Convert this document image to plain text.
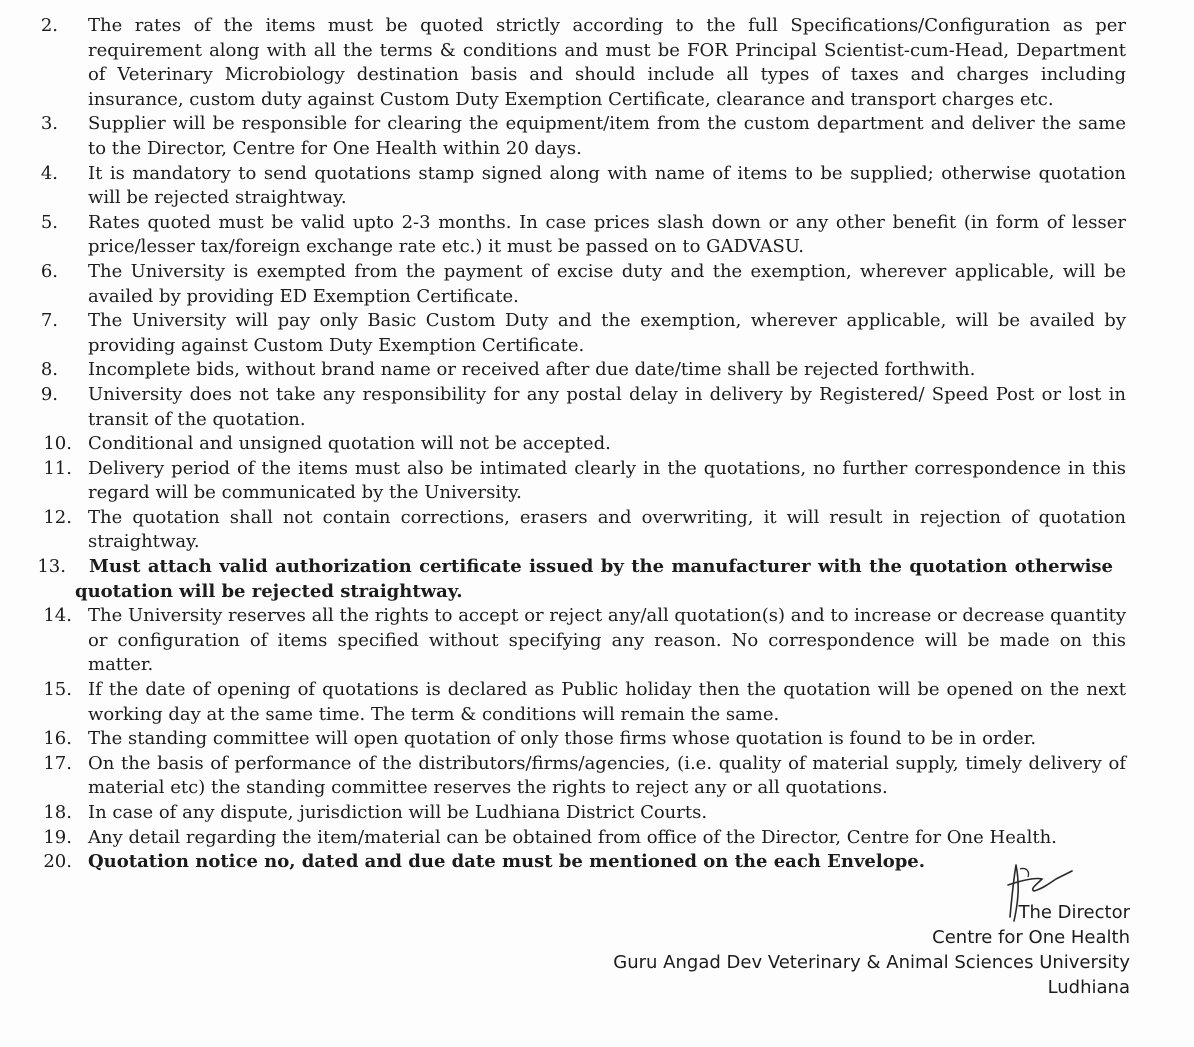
2. The rates of the items must be quoted strictly according to the full Specifications/Configuration as per requirement along with all the terms & conditions and must be FOR Principal Scientist-cum-Head, Department of Veterinary Microbiology destination basis and should include all types of taxes and charges including insurance, custom duty against Custom Duty Exemption Certificate, clearance and transport charges etc.
3. Supplier will be responsible for clearing the equipment/item from the custom department and deliver the same to the Director, Centre for One Health within 20 days.
4. It is mandatory to send quotations stamp signed along with name of items to be supplied; otherwise quotation will be rejected straightway.
5. Rates quoted must be valid upto 2-3 months. In case prices slash down or any other benefit (in form of lesser price/lesser tax/foreign exchange rate etc.) it must be passed on to GADVASU.
6. The University is exempted from the payment of excise duty and the exemption, wherever applicable, will be availed by providing ED Exemption Certificate.
7. The University will pay only Basic Custom Duty and the exemption, wherever applicable, will be availed by providing against Custom Duty Exemption Certificate.
8. Incomplete bids, without brand name or received after due date/time shall be rejected forthwith.
9. University does not take any responsibility for any postal delay in delivery by Registered/ Speed Post or lost in transit of the quotation.
10. Conditional and unsigned quotation will not be accepted.
11. Delivery period of the items must also be intimated clearly in the quotations, no further correspondence in this regard will be communicated by the University.
12. The quotation shall not contain corrections, erasers and overwriting, it will result in rejection of quotation straightway.
13.	Must attach valid authorization certificate issued by the manufacturer with the quotation otherwise quotation will be rejected straightway.
14. The University reserves all the rights to accept or reject any/all quotation(s) and to increase or decrease quantity or configuration of items specified without specifying any reason. No correspondence will be made on this matter.
15. If the date of opening of quotations is declared as Public holiday then the quotation will be opened on the next working day at the same time. The term & conditions will remain the same.
16. The standing committee will open quotation of only those firms whose quotation is found to be in order.
17. On the basis of performance of the distributors/firms/agencies, (i.e. quality of material supply, timely delivery of material etc) the standing committee reserves the rights to reject any or all quotations.
18. In case of any dispute, jurisdiction will be Ludhiana District Courts.
19. Any detail regarding the item/material can be obtained from office of the Director, Centre for One Health.
20. Quotation notice no, dated and due date must be mentioned on the each Envelope.
The Director
Centre for One Health
Guru Angad Dev Veterinary & Animal Sciences University
Ludhiana
